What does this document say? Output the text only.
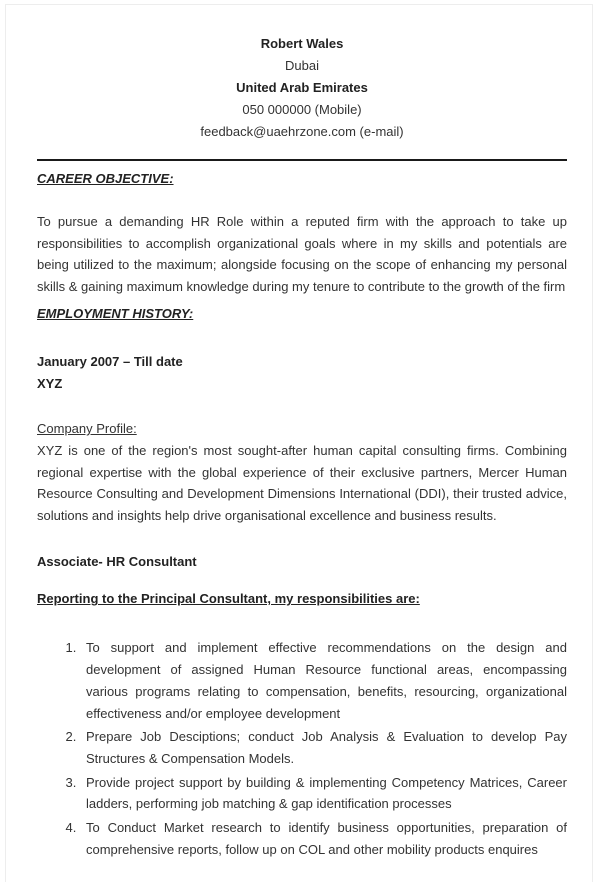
Robert Wales
Dubai
United Arab Emirates
050 000000 (Mobile)
feedback@uaehrzone.com (e-mail)
CAREER OBJECTIVE:

To pursue a demanding HR Role within a reputed firm with the approach to take up responsibilities to accomplish organizational goals where in my skills and potentials are being utilized to the maximum; alongside focusing on the scope of enhancing my personal skills & gaining maximum knowledge during my tenure to contribute to the growth of the firm

EMPLOYMENT HISTORY:
January 2007 – Till date
XYZ
Company Profile:

XYZ is one of the region's most sought-after human capital consulting firms. Combining regional expertise with the global experience of their exclusive partners, Mercer Human Resource Consulting and Development Dimensions International (DDI), their trusted advice, solutions and insights help drive organisational excellence and business results.

Associate- HR Consultant
Reporting to the Principal Consultant, my responsibilities are:
1. To support and implement effective recommendations on the design and development of assigned Human Resource functional areas, encompassing various programs relating to compensation, benefits, resourcing, organizational effectiveness and/or employee development
2. Prepare Job Desciptions; conduct Job Analysis & Evaluation to develop Pay Structures & Compensation Models.
3. Provide project support by building & implementing Competency Matrices, Career ladders, performing job matching & gap identification processes
4. To Conduct Market research to identify business opportunities, preparation of comprehensive reports, follow up on COL and other mobility products enquires
